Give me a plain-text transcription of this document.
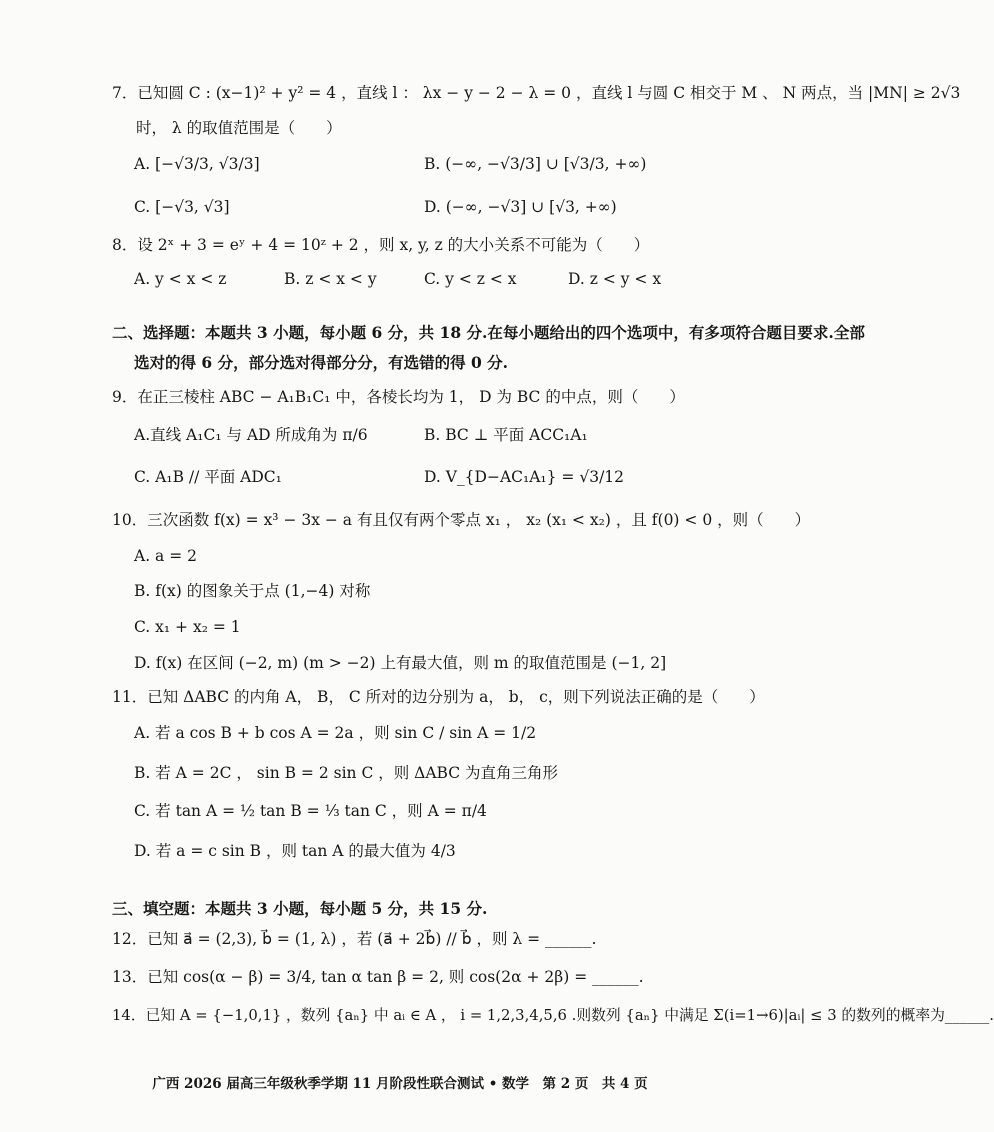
7．已知圆 C : (x−1)² + y² = 4 ，直线 l ： λx − y − 2 − λ = 0 ，直线 l 与圆 C 相交于 M 、 N 两点，当 |MN| ≥ 2√3
时， λ 的取值范围是（　　）
A. [−√3/3, √3/3]	B. (−∞, −√3/3] ∪ [√3/3, +∞)
C. [−√3, √3]	D. (−∞, −√3] ∪ [√3, +∞)
8．设 2ˣ + 3 = eʸ + 4 = 10ᶻ + 2 ，则 x, y, z 的大小关系不可能为（　　）
A. y < x < z	B. z < x < y	C. y < z < x	D. z < y < x
二、选择题：本题共 3 小题，每小题 6 分，共 18 分.在每小题给出的四个选项中，有多项符合题目要求.全部
选对的得 6 分，部分选对得部分分，有选错的得 0 分.
9．在正三棱柱 ABC − A₁B₁C₁ 中，各棱长均为 1， D 为 BC 的中点，则（　　）
A.直线 A₁C₁ 与 AD 所成角为 π/6	B. BC ⊥ 平面 ACC₁A₁
C. A₁B // 平面 ADC₁	D. V_{D−AC₁A₁} = √3/12
10．三次函数 f(x) = x³ − 3x − a 有且仅有两个零点 x₁ ， x₂ (x₁ < x₂) ，且 f(0) < 0 ，则（　　）
A. a = 2
B. f(x) 的图象关于点 (1,−4) 对称
C. x₁ + x₂ = 1
D. f(x) 在区间 (−2, m) (m > −2) 上有最大值，则 m 的取值范围是 (−1, 2]
11．已知 ΔABC 的内角 A， B， C 所对的边分别为 a， b， c，则下列说法正确的是（　　）
A. 若 a cos B + b cos A = 2a ，则 sin C / sin A = 1/2
B. 若 A = 2C ， sin B = 2 sin C ，则 ΔABC 为直角三角形
C. 若 tan A = ½ tan B = ⅓ tan C ，则 A = π/4
D. 若 a = c sin B ，则 tan A 的最大值为 4/3
三、填空题：本题共 3 小题，每小题 5 分，共 15 分.
12．已知 a⃗ = (2,3), b⃗ = (1, λ) ，若 (a⃗ + 2b⃗) // b⃗ ，则 λ = ______.
13．已知 cos(α − β) = 3/4, tan α tan β = 2, 则 cos(2α + 2β) = ______.
14．已知 A = {−1,0,1} ，数列 {aₙ} 中 aᵢ ∈ A ， i = 1,2,3,4,5,6 .则数列 {aₙ} 中满足 Σ(i=1→6)|aᵢ| ≤ 3 的数列的概率为______.
广西 2026 届高三年级秋季学期 11 月阶段性联合测试 • 数学　第 2 页　共 4 页
